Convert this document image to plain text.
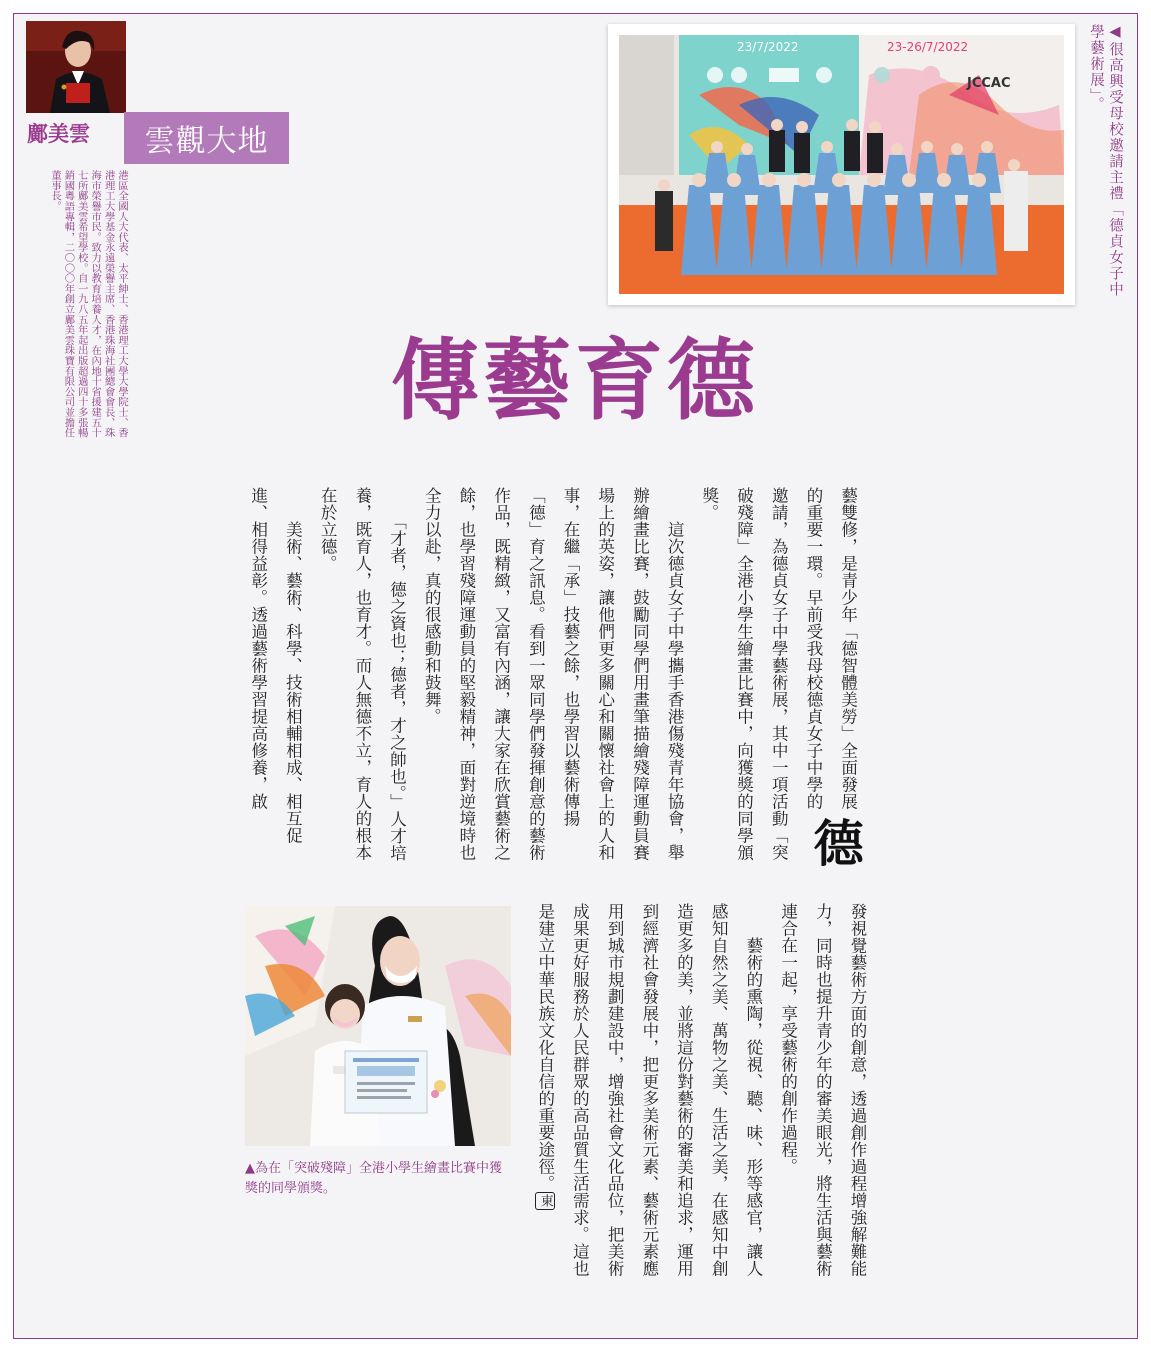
鄺美雲	雲觀大地

港區全國人大代表、太平紳士、香港理工大學大學院士、香港理工大學基金永遠榮譽主席、香港珠海社團總會會長、珠海市榮譽市民。致力以教育培養人才，在內地十省援建五十七所鄺美雲希望學校。自一九八五年起出版超過四十多張暢銷國粵語專輯，二〇〇〇年創立鄺美雲珠寶有限公司並擔任董事長。

23/7/2022	23-26/7/2022
JCCAC	◀很高興受母校邀請主禮「德貞女子中學藝術展」。

傳藝育德

德
藝雙修，是青少年「德智體美勞」全面發展的重要一環。早前受我母校德貞女子中學的邀請，為德貞女子中學藝術展，其中一項活動「突破殘障」全港小學生繪畫比賽中，向獲獎的同學頒獎。

　　這次德貞女子中學攜手香港傷殘青年協會，舉辦繪畫比賽，鼓勵同學們用畫筆描繪殘障運動員賽場上的英姿，讓他們更多關心和關懷社會上的人和事，在繼「承」技藝之餘，也學習以藝術傳揚「德」育之訊息。看到一眾同學們發揮創意的藝術作品，既精緻，又富有內涵，讓大家在欣賞藝術之餘，也學習殘障運動員的堅毅精神，面對逆境時也全力以赴，真的很感動和鼓舞。

　　「才者，德之資也；德者，才之帥也。」人才培養，既育人，也育才。而人無德不立，育人的根本在於立德。

　　美術、藝術、科學、技術相輔相成、相互促進、相得益彰。透過藝術學習提高修養，啟

發視覺藝術方面的創意，透過創作過程增強解難能力，同時也提升青少年的審美眼光，將生活與藝術連合在一起，享受藝術的創作過程。

　　藝術的熏陶，從視、聽、味、形等感官，讓人感知自然之美、萬物之美、生活之美，在感知中創造更多的美，並將這份對藝術的審美和追求，運用到經濟社會發展中，把更多美術元素、藝術元素應用到城市規劃建設中，增強社會文化品位，把美術成果更好服務於人民群眾的高品質生活需求。這也是建立中華民族文化自信的重要途徑。東

▲為在「突破殘障」全港小學生繪畫比賽中獲獎的同學頒獎。
